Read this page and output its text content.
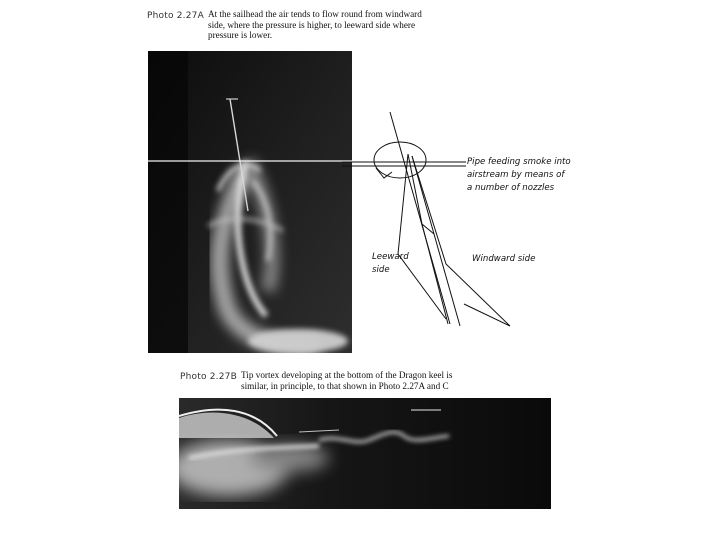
Photo 2.27A At the sailhead the air tends to flow round from windward
side, where the pressure is higher, to leeward side where
pressure is lower.
Pipe feeding smoke into
airstream by means of
a number of nozzles
Leeward
side
Windward side
Photo 2.27B Tip vortex developing at the bottom of the Dragon keel is
similar, in principle, to that shown in Photo 2.27A and C
